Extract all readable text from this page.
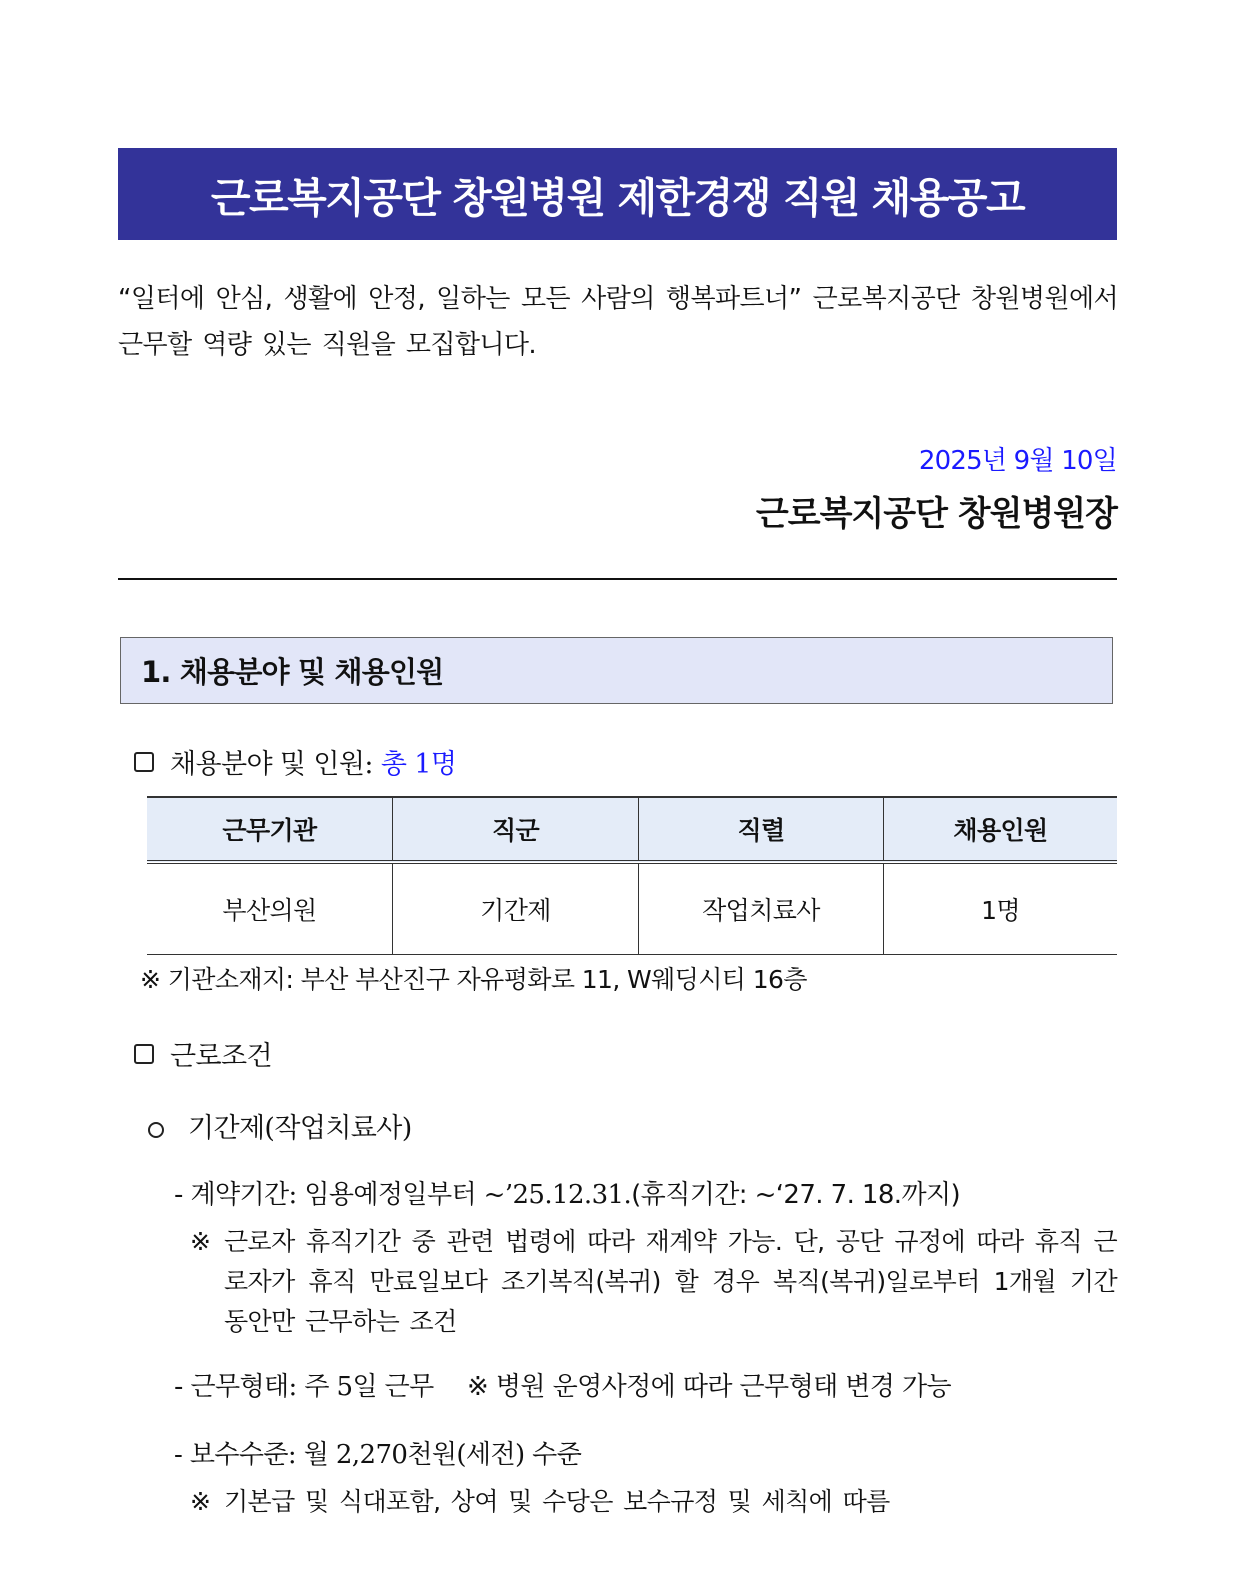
근로복지공단 창원병원 제한경쟁 직원 채용공고
“일터에 안심, 생활에 안정, 일하는 모든 사람의 행복파트너” 근로복지공단 창원병원에서 근무할 역량 있는 직원을 모집합니다.
2025년 9월 10일
근로복지공단 창원병원장
1. 채용분야 및 채용인원
채용분야 및 인원:
총 1명
근무기관	직군	직렬	채용인원
부산의원	기간제	작업치료사	1명
※ 기관소재지: 부산 부산진구 자유평화로 11, W웨딩시티 16층
근로조건
기간제(작업치료사)
- 계약기간: 임용예정일부터 ~’25.12.31.(휴직기간: ~‘27. 7. 18.까지)
※ 근로자 휴직기간 중 관련 법령에 따라 재계약 가능. 단, 공단 규정에 따라 휴직 근로자가 휴직 만료일보다 조기복직(복귀) 할 경우 복직(복귀)일로부터 1개월 기간 동안만 근무하는 조건
- 근무형태: 주 5일 근무 ※ 병원 운영사정에 따라 근무형태 변경 가능
- 보수수준: 월 2,270천원(세전) 수준
※ 기본급 및 식대포함, 상여 및 수당은 보수규정 및 세칙에 따름
